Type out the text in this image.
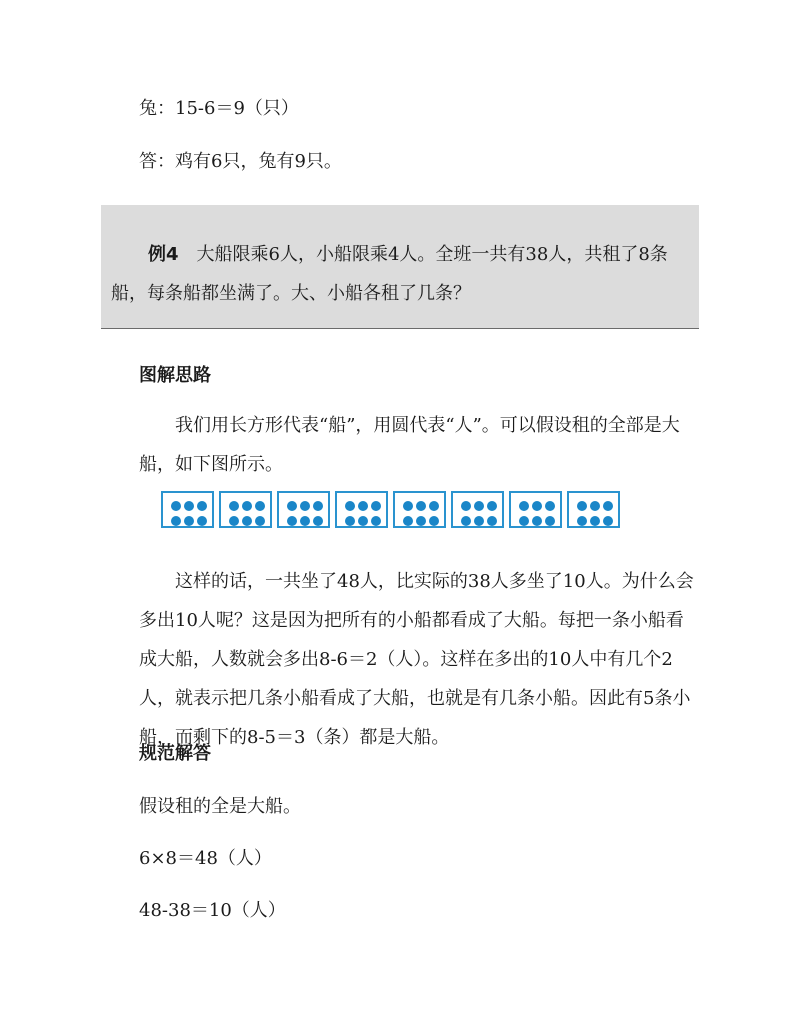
兔：15-6＝9（只）
答：鸡有6只，兔有9只。
例4 大船限乘6人，小船限乘4人。全班一共有38人，共租了8条船，每条船都坐满了。大、小船各租了几条？
图解思路
我们用长方形代表“船”，用圆代表“人”。可以假设租的全部是大船，如下图所示。
这样的话，一共坐了48人，比实际的38人多坐了10人。为什么会多出10人呢？这是因为把所有的小船都看成了大船。每把一条小船看成大船，人数就会多出8-6＝2（人）。这样在多出的10人中有几个2人，就表示把几条小船看成了大船，也就是有几条小船。因此有5条小船，而剩下的8-5＝3（条）都是大船。
规范解答
假设租的全是大船。
6×8＝48（人）
48-38＝10（人）
